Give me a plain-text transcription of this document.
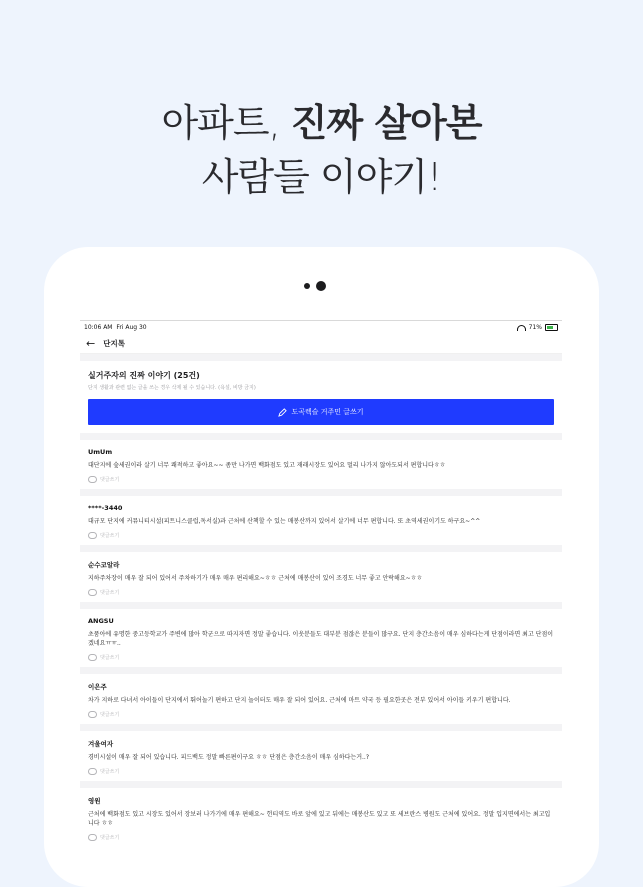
아파트, 진짜 살아본
사람들 이야기!
10:06 AM Fri Aug 30	71%
← 단지톡
실거주자의 진짜 이야기 (25건)
단지 생활과 관련 없는 글을 쓰는 경우 삭제 될 수 있습니다. (욕설, 비방 금지)
도곡렉슬 거주민 글쓰기
UmUm
대단지에 숲세권이라 살기 너무 쾌적하고 좋아요~~ 좀만 나가면 백화점도 있고 재래시장도 있어요 멀리 나가지 않아도되서 편합니다ㅎㅎ
댓글쓰기
****-3440
대규모 단지에 커뮤니티시설(피트니스클럽,독서실)과 근처에 산책할 수 있는 매봉산까지 있어서 살기에 너무 편합니다. 또 초역세권이기도 하구요~^^
댓글쓰기
순수코알라
지하주차장이 매우 잘 되어 있어서 주차하기가 매우 매우 편리해요~ㅎㅎ 근처에 매봉산이 있어 조경도 너무 좋고 안락해요~ㅎㅎ
댓글쓰기
ANGSU
초품아에 유명한 중고등학교가 주변에 많아 학군으로 따지자면 정말 좋습니다. 이웃분들도 대부분 점잖은 분들이 많구요. 단지 층간소음이 매우 심하다는게 단점이라면 최고 단점이겠네요ㅠㅠ..
댓글쓰기
이은주
차가 지하로 다녀서 아이들이 단지에서 뛰어놀기 편하고 단지 놀이터도 매우 잘 되어 있어요. 근처에 마트 약국 등 필요한곳은 전부 있어서 아이들 키우기 편합니다.
댓글쓰기
겨울여자
경비시설이 매우 잘 되어 있습니다. 피드백도 정말 빠른편이구요 ㅎㅎ 단점은 층간소음이 매우 심하다는거..?
댓글쓰기
영원
근처에 백화점도 있고 시장도 있어서 장보러 나가기에 매우 편해요~ 헌티역도 바로 앞에 있고 뒤에는 매봉산도 있고 또 세브란스 병원도 근처에 있어요. 정말 입지면에서는 최고입니다 ㅎㅎ
댓글쓰기
